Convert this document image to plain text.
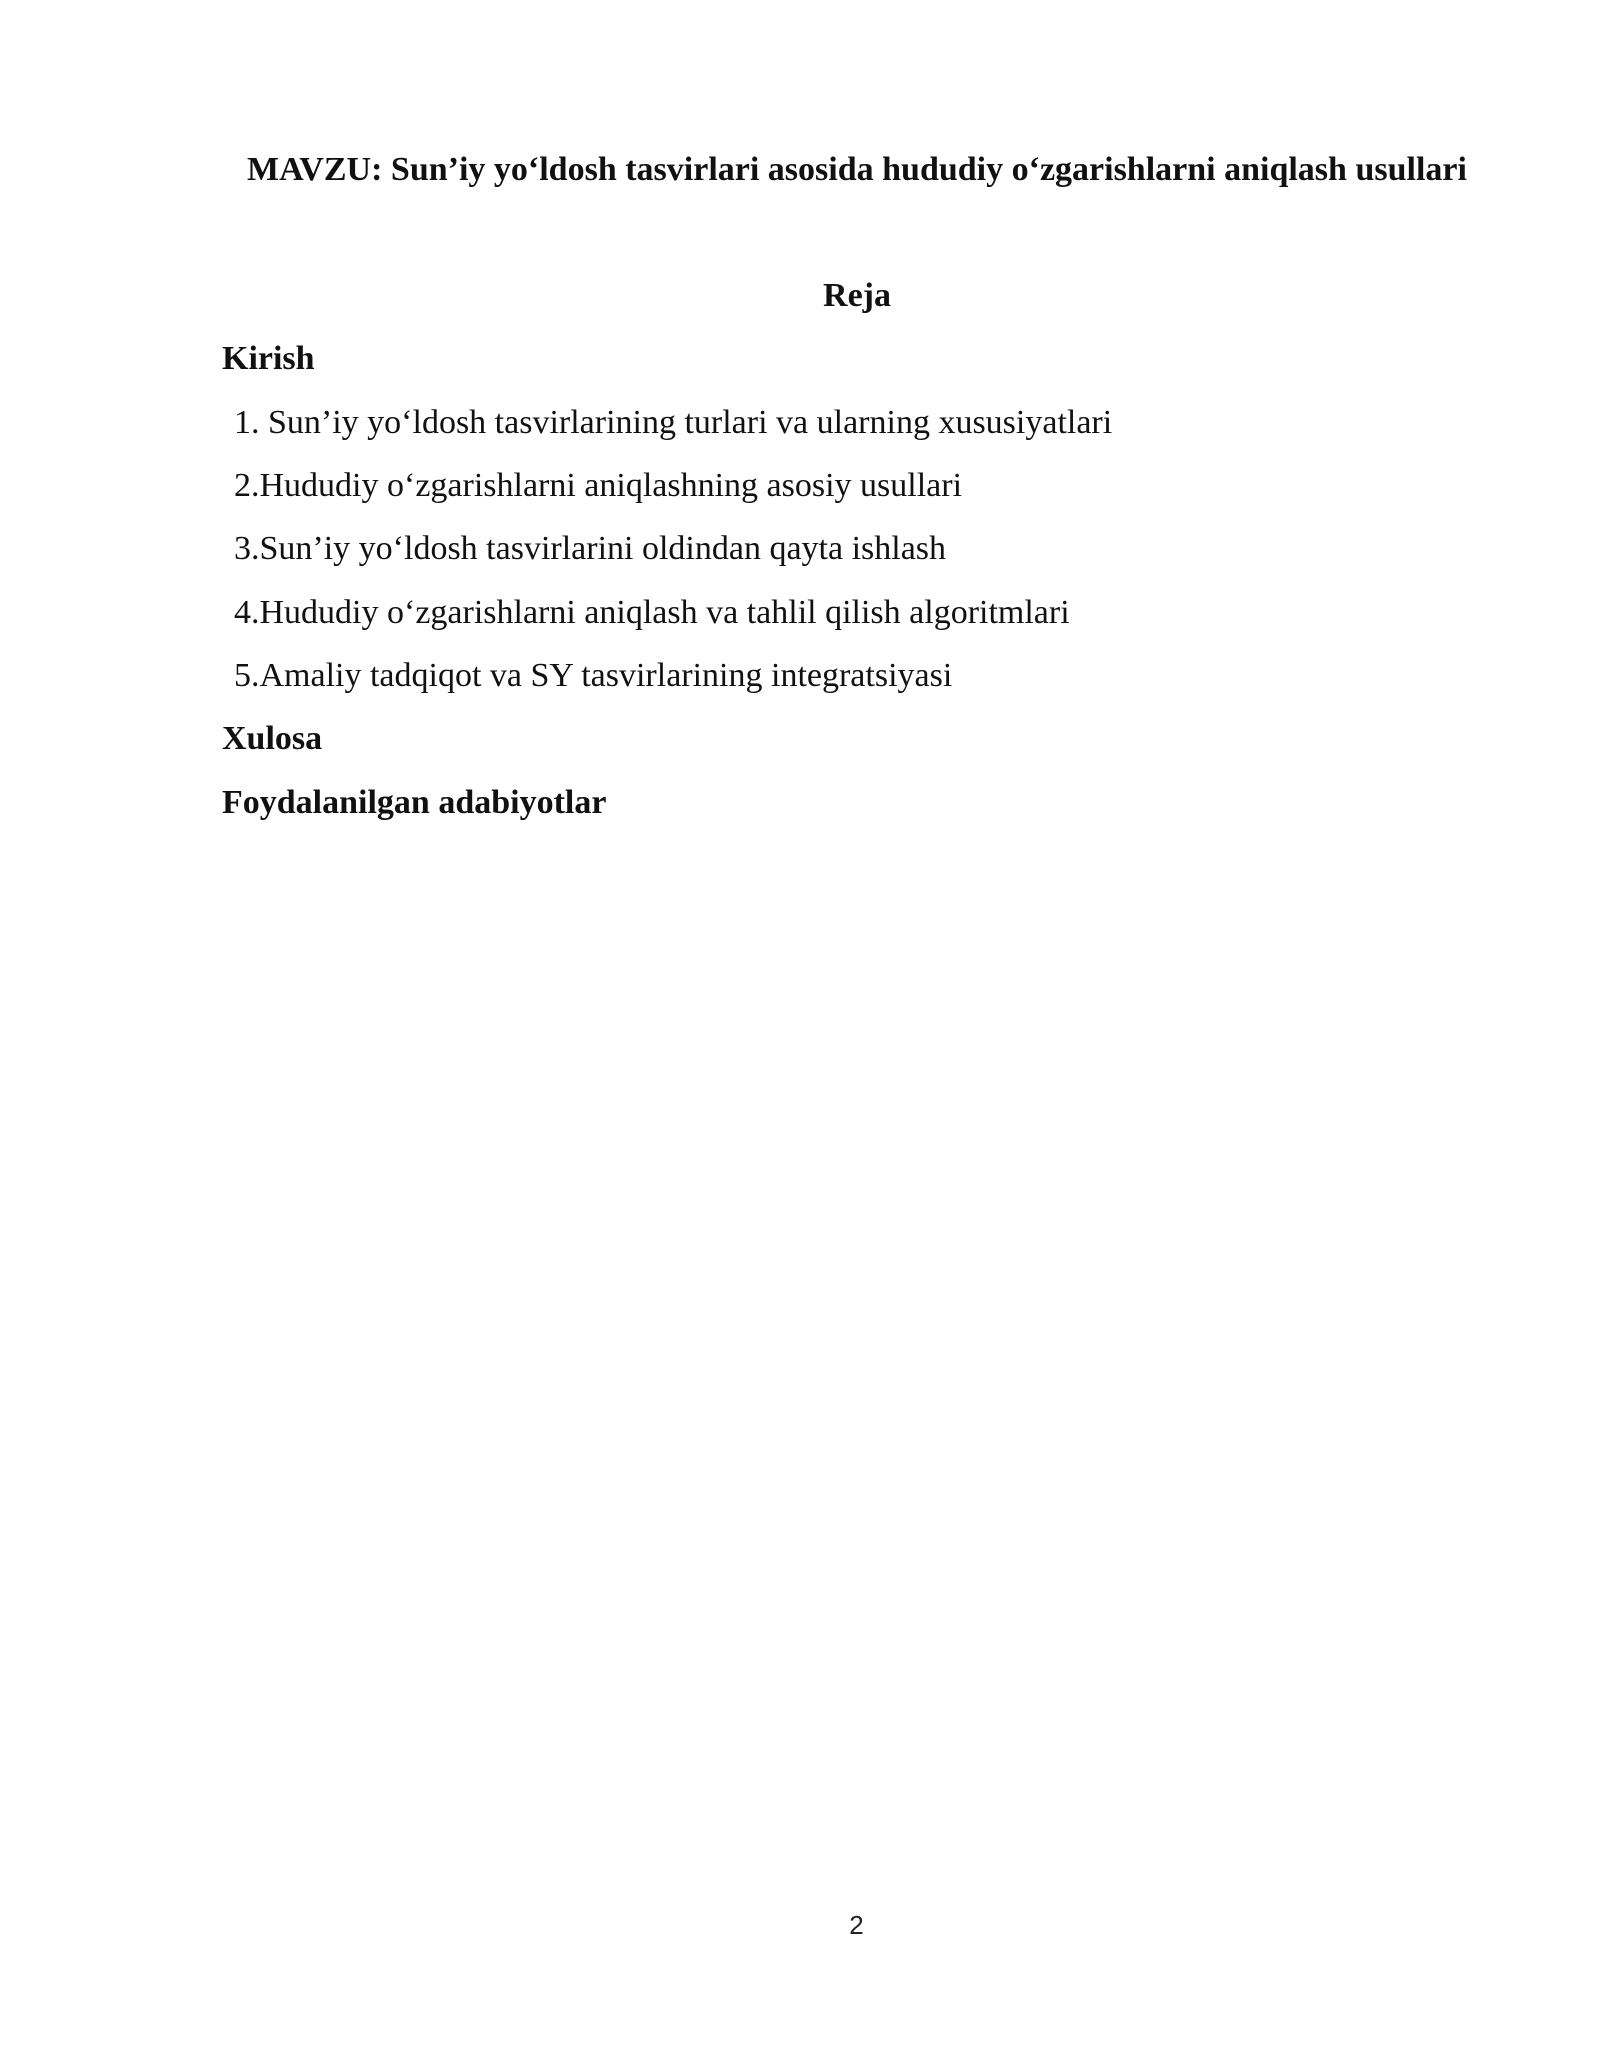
MAVZU: Sun’iy yo‘ldosh tasvirlari asosida hududiy o‘zgarishlarni aniqlash usullari
Reja
Kirish
1. Sun’iy yo‘ldosh tasvirlarining turlari va ularning xususiyatlari
2.Hududiy o‘zgarishlarni aniqlashning asosiy usullari
3.Sun’iy yo‘ldosh tasvirlarini oldindan qayta ishlash
4.Hududiy o‘zgarishlarni aniqlash va tahlil qilish algoritmlari
5.Amaliy tadqiqot va SY tasvirlarining integratsiyasi
Xulosa
Foydalanilgan adabiyotlar
2
